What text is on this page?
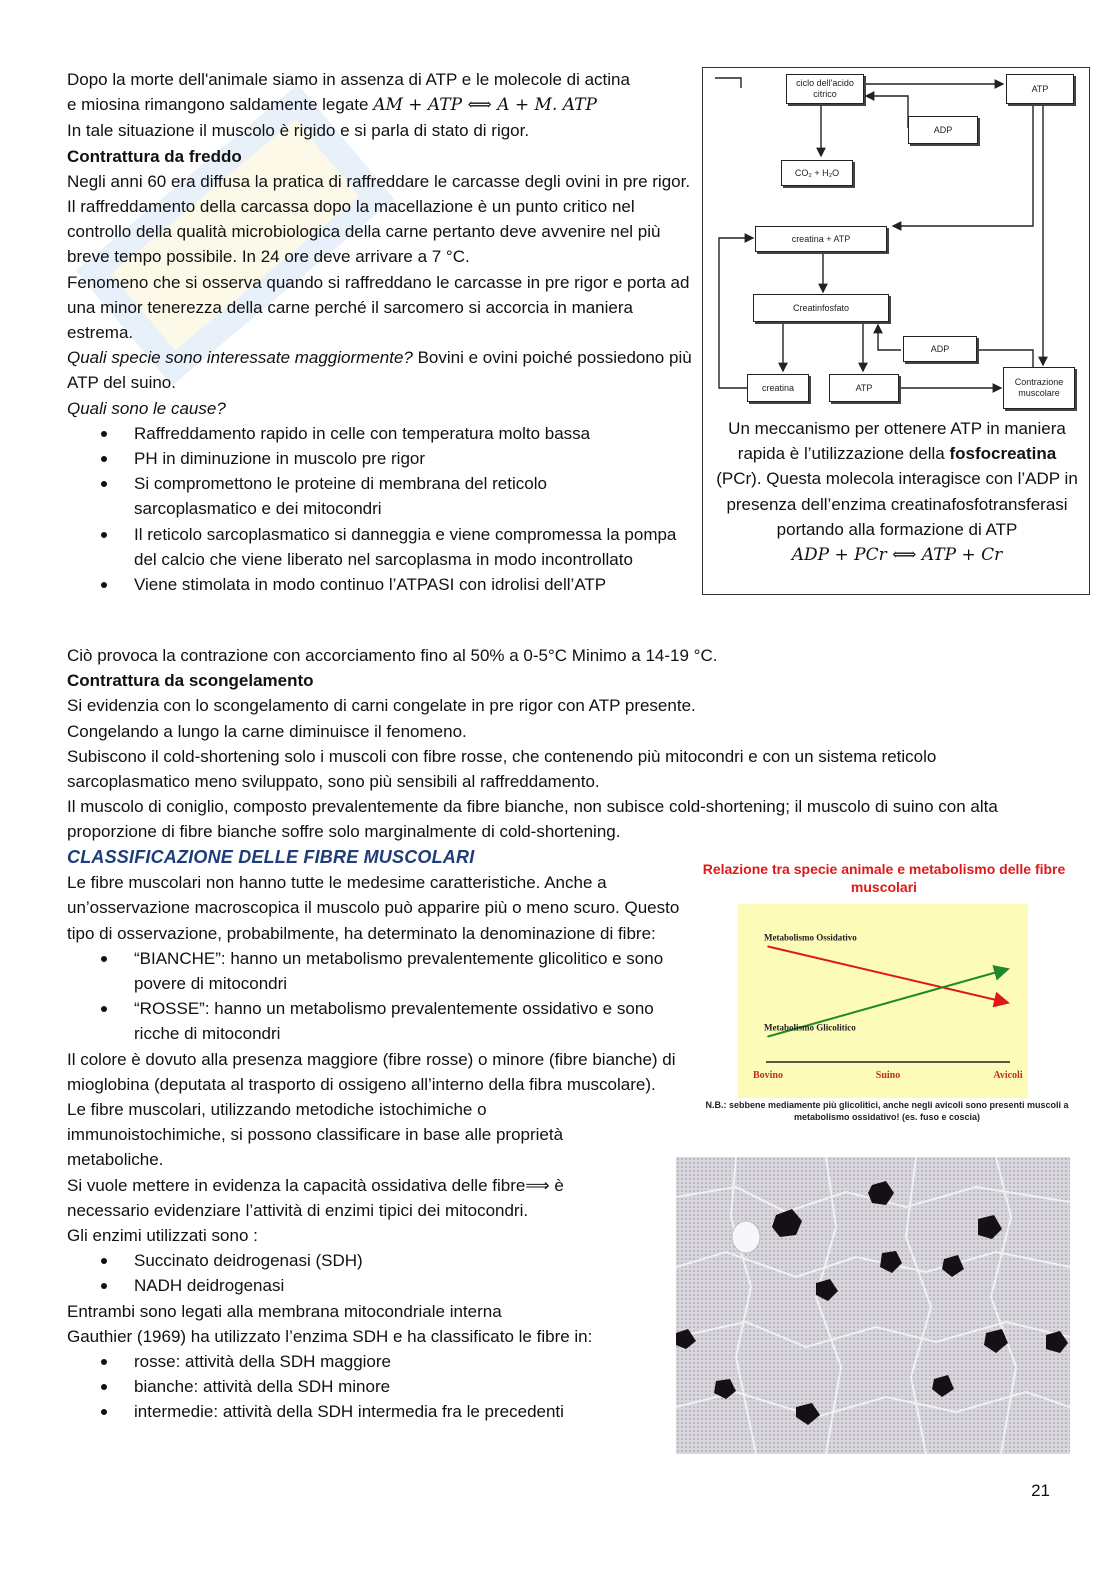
Dopo la morte dell'animale siamo in assenza di ATP e le molecole di actina

e miosina rimangono saldamente legate AM + ATP ⟺ A + M. ATP

In tale situazione il muscolo è rigido e si parla di stato di rigor.

Contrattura da freddo

Negli anni 60 era diffusa la pratica di raffreddare le carcasse degli ovini in pre rigor.

Il raffreddamento della carcassa dopo la macellazione è un punto critico nel controllo della qualità microbiologica della carne pertanto deve avvenire nel più breve tempo possibile. In 24 ore deve arrivare a 7 °C.

Fenomeno che si osserva quando si raffreddano le carcasse in pre rigor e porta ad una minor tenerezza della carne perché il sarcomero si accorcia in maniera estrema.

Quali specie sono interessate maggiormente? Bovini e ovini poiché possiedono più ATP del suino.

Quali sono le cause?

Raffreddamento rapido in celle con temperatura molto bassa
PH in diminuzione in muscolo pre rigor
Si compromettono le proteine di membrana del reticolo sarcoplasmatico e dei mitocondri
Il reticolo sarcoplasmatico si danneggia e viene compromessa la pompa del calcio che viene liberato nel sarcoplasma in modo incontrollato
Viene stimolata in modo continuo l’ATPASI con idrolisi dell’ATP

Ciò provoca la contrazione con accorciamento fino al 50% a 0-5°C Minimo a 14-19 °C.

Contrattura da scongelamento

Si evidenzia con lo scongelamento di carni congelate in pre rigor con ATP presente.

Congelando a lungo la carne diminuisce il fenomeno.

Subiscono il cold-shortening solo i muscoli con fibre rosse, che contenendo più mitocondri e con un sistema reticolo sarcoplasmatico meno sviluppato, sono più sensibili al raffreddamento.

Il muscolo di coniglio, composto prevalentemente da fibre bianche, non subisce cold-shortening; il muscolo di suino con alta proporzione di fibre bianche soffre solo marginalmente di cold-shortening.

CLASSIFICAZIONE DELLE FIBRE MUSCOLARI

Le fibre muscolari non hanno tutte le medesime caratteristiche. Anche a un’osservazione macroscopica il muscolo può apparire più o meno scuro. Questo tipo di osservazione, probabilmente, ha determinato la denominazione di fibre:

“BIANCHE”: hanno un metabolismo prevalentemente glicolitico e sono povere di mitocondri
“ROSSE”: hanno un metabolismo prevalentemente ossidativo e sono ricche di mitocondri

Il colore è dovuto alla presenza maggiore (fibre rosse) o minore (fibre bianche) di mioglobina (deputata al trasporto di ossigeno all’interno della fibra muscolare).

Le fibre muscolari, utilizzando metodiche istochimiche o immunoistochimiche, si possono classificare in base alle proprietà metaboliche.

Si vuole mettere in evidenza la capacità ossidativa delle fibre⟹ è necessario evidenziare l’attività di enzimi tipici dei mitocondri.

Gli enzimi utilizzati sono :

Succinato deidrogenasi (SDH)
NADH deidrogenasi

Entrambi sono legati alla membrana mitocondriale interna

Gauthier (1969) ha utilizzato l’enzima SDH e ha classificato le fibre in:

rosse: attività della SDH maggiore
bianche: attività della SDH minore
intermedie: attività della SDH intermedia fra le precedenti
ciclo dell'acido citrico
ATP
ADP
CO₂ + H₂O
creatina + ATP
Creatinfosfato
ADP
creatina	ATP
Contrazione muscolare
Un meccanismo per ottenere ATP in maniera rapida è l’utilizzazione della fosfocreatina (PCr). Questa molecola interagisce con l’ADP in presenza dell’enzima creatinafosfotransferasi portando alla formazione di ATP
ADP + PCr ⟺ ATP + Cr
Relazione tra specie animale e metabolismo delle fibre muscolari
Bovino	Suino	Avicoli
Metabolismo Ossidativo
Metabolismo Glicolitico
N.B.: sebbene mediamente più glicolitici, anche negli avicoli sono presenti muscoli a metabolismo ossidativo! (es. fuso e coscia)
21
